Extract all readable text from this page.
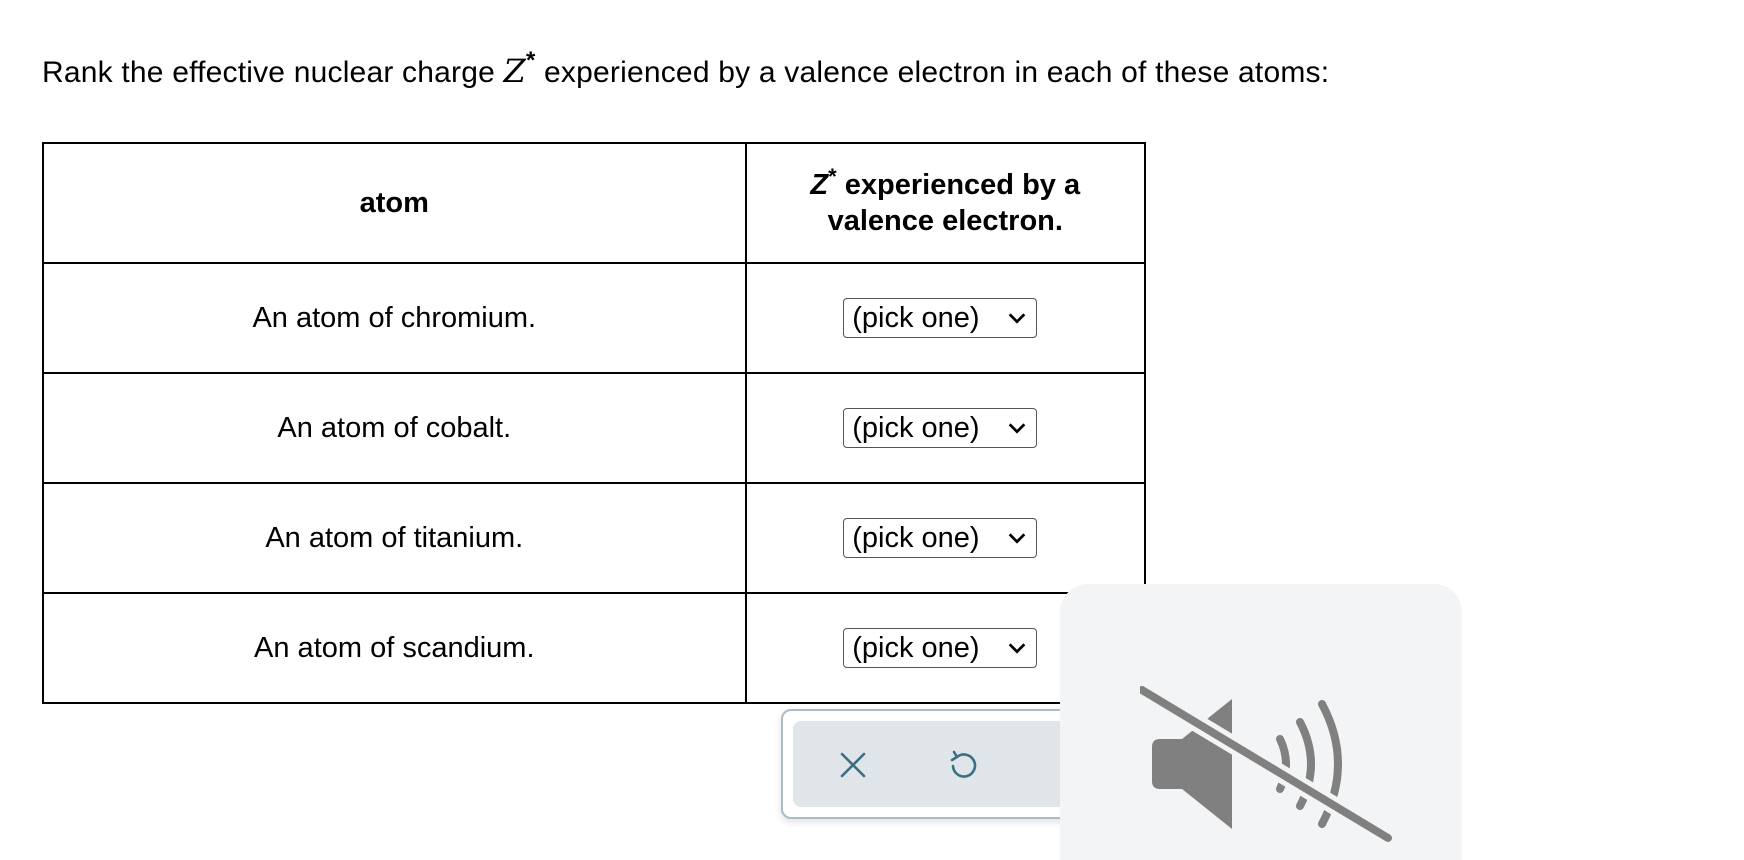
Rank the effective nuclear charge Z* experienced by a valence electron in each of these atoms:
atom	Z* experienced by a
valence electron.
An atom of chromium.	(pick one)

An atom of cobalt.	(pick one)

An atom of titanium.	(pick one)

An atom of scandium.	(pick one)
